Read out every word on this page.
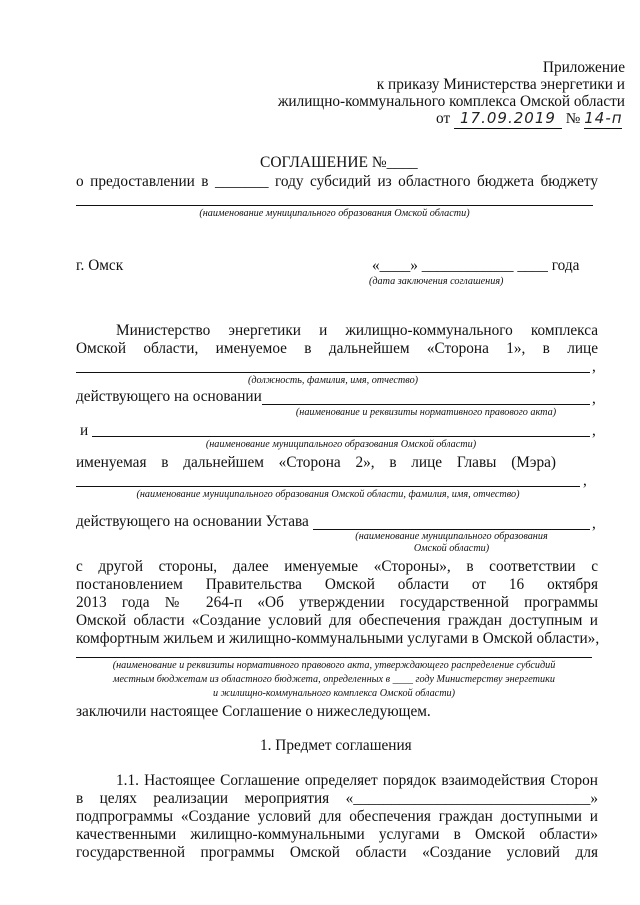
Приложение
к приказу Министерства энергетики и
жилищно-коммунального комплекса Омской области
от 17.09.2019 № 14-п
СОГЛАШЕНИЕ №____
о предоставлении в _______ году субсидий из областного бюджета бюджету
(наименование муниципального образования Омской области)
г. Омск	«____» ____________ ____ года
(дата заключения соглашения)
Министерство энергетики и жилищно-коммунального комплекса
Омской области, именуемое в дальнейшем «Сторона 1», в лице
,
(должность, фамилия, имя, отчество)
действующего на основании	,
(наименование и реквизиты нормативного правового акта)
и	,
(наименование муниципального образования Омской области)
именуемая в дальнейшем «Сторона 2», в лице Главы (Мэра)
,
(наименование муниципального образования Омской области, фамилия, имя, отчество)
действующего на основании Устава	,
(наименование муниципального образования
Омской области)
с другой стороны, далее именуемые «Стороны», в соответствии с
постановлением Правительства Омской области от 16 октября
2013 года № 264-п «Об утверждении государственной программы
Омской области «Создание условий для обеспечения граждан доступным и
комфортным жильем и жилищно-коммунальными услугами в Омской области»,
(наименование и реквизиты нормативного правового акта, утверждающего распределение субсидий
местным бюджетам из областного бюджета, определенных в ____ году Министерству энергетики
и жилищно-коммунального комплекса Омской области)
заключили настоящее Соглашение о нижеследующем.
1. Предмет соглашения
1.1. Настоящее Соглашение определяет порядок взаимодействия Сторон
в целях реализации мероприятия «_______________________________»
подпрограммы «Создание условий для обеспечения граждан доступными и
качественными жилищно-коммунальными услугами в Омской области»
государственной программы Омской области «Создание условий для
